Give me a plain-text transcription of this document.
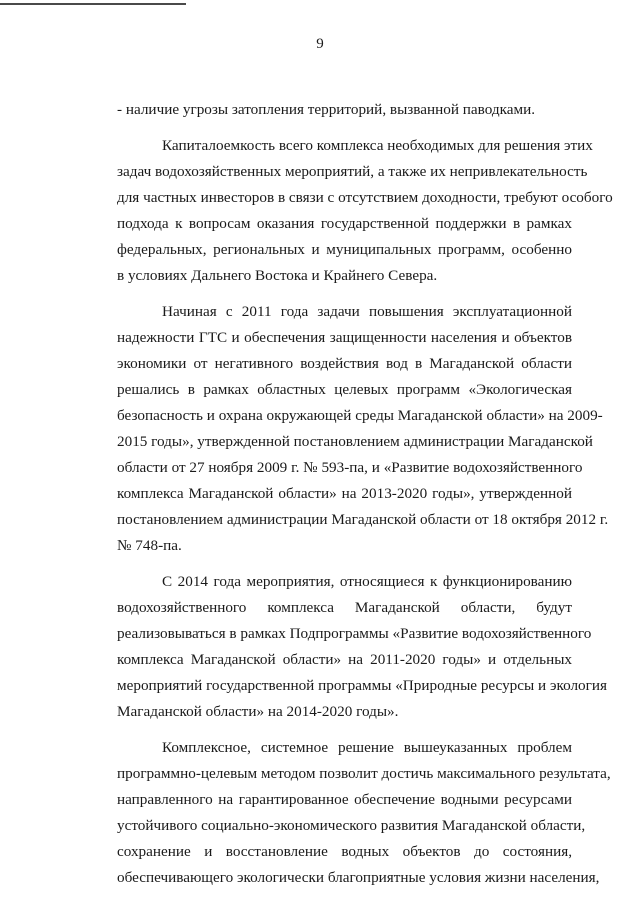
9
- наличие угрозы затопления территорий, вызванной паводками.
Капиталоемкость всего комплекса необходимых для решения этих
задач водохозяйственных мероприятий, а также их непривлекательность
для частных инвесторов в связи с отсутствием доходности, требуют особого
подхода к вопросам оказания государственной поддержки в рамках
федеральных, региональных и муниципальных программ, особенно
в условиях Дальнего Востока и Крайнего Севера.
Начиная с 2011 года задачи повышения эксплуатационной
надежности ГТС и обеспечения защищенности населения и объектов
экономики от негативного воздействия вод в Магаданской области
решались в рамках областных целевых программ «Экологическая
безопасность и охрана окружающей среды Магаданской области» на 2009-
2015 годы», утвержденной постановлением администрации Магаданской
области от 27 ноября 2009 г. № 593-па, и «Развитие водохозяйственного
комплекса Магаданской области» на 2013-2020 годы», утвержденной
постановлением администрации Магаданской области от 18 октября 2012 г.
№ 748-па.
С 2014 года мероприятия, относящиеся к функционированию
водохозяйственного комплекса Магаданской области, будут
реализовываться в рамках Подпрограммы «Развитие водохозяйственного
комплекса Магаданской области» на 2011-2020 годы» и отдельных
мероприятий государственной программы «Природные ресурсы и экология
Магаданской области» на 2014-2020 годы».
Комплексное, системное решение вышеуказанных проблем
программно-целевым методом позволит достичь максимального результата,
направленного на гарантированное обеспечение водными ресурсами
устойчивого социально-экономического развития Магаданской области,
сохранение и восстановление водных объектов до состояния,
обеспечивающего экологически благоприятные условия жизни населения,
